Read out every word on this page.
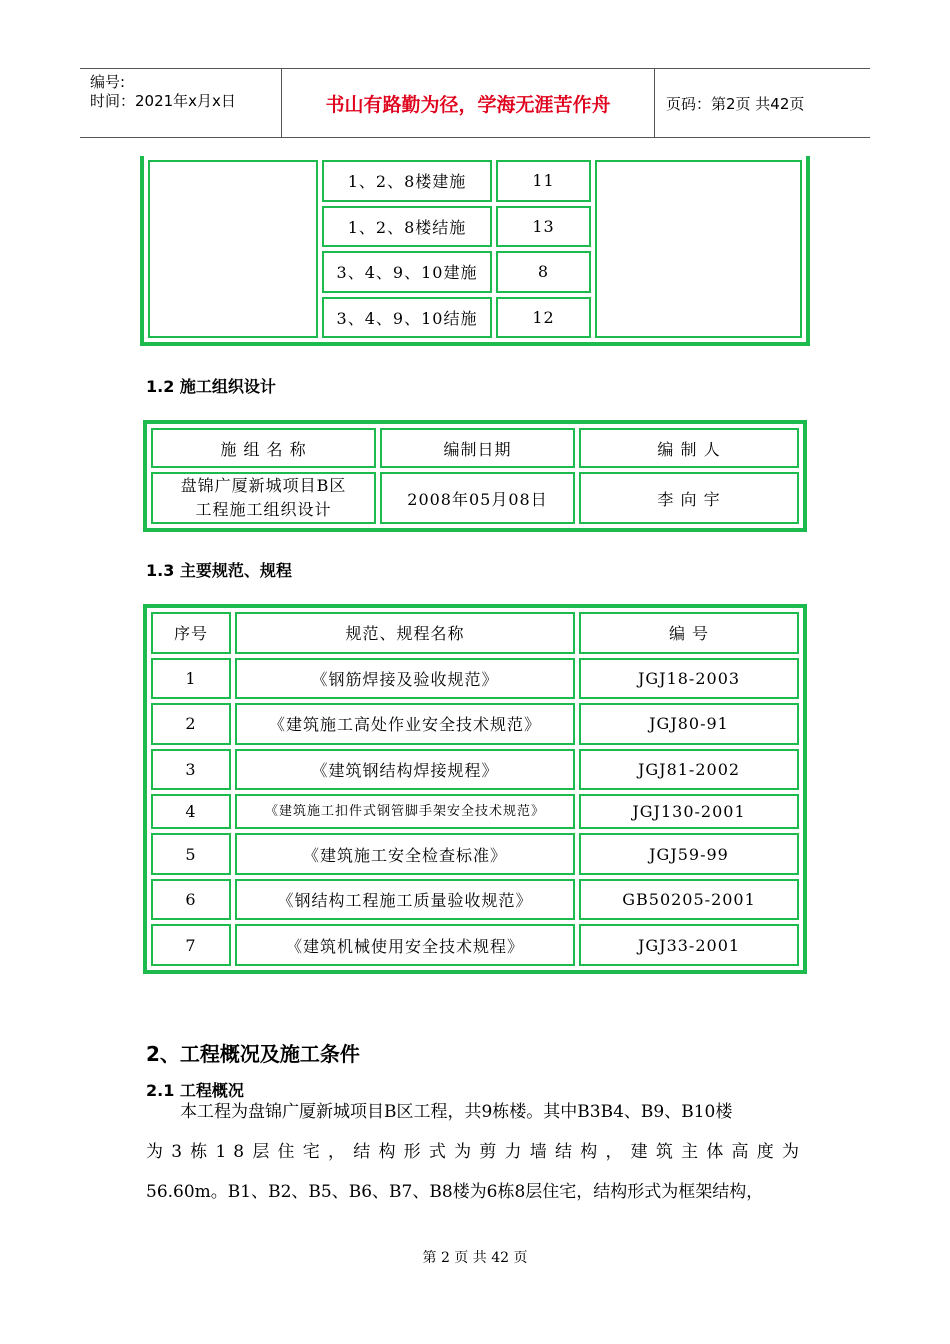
编号:
时间：2021年x月x日	书山有路勤为径，学海无涯苦作舟	页码：第2页 共42页
	1、2、8楼建施	11	
	1、2、8楼结施	13	
	3、4、9、10建施	8	
	3、4、9、10结施	12	
1.2 施工组织设计
施 组 名 称	编制日期	编 制 人

盘锦广厦新城项目B区
工程施工组织设计	2008年05月08日	李 向 宇
1.3 主要规范、规程
序号	规范、规程名称	编 号
1	《钢筋焊接及验收规范》	JGJ18-2003
2	《建筑施工高处作业安全技术规范》	JGJ80-91
3	《建筑钢结构焊接规程》	JGJ81-2002
4	《建筑施工扣件式钢管脚手架安全技术规范》	JGJ130-2001
5	《建筑施工安全检查标准》	JGJ59-99
6	《钢结构工程施工质量验收规范》	GB50205-2001
7	《建筑机械使用安全技术规程》	JGJ33-2001
2、工程概况及施工条件
2.1 工程概况
本工程为盘锦广厦新城项目B区工程，共9栋楼。其中B3B4、B9、B10楼
为3栋18层住宅，结构形式为剪力墙结构，建筑主体高度为
56.60m。B1、B2、B5、B6、B7、B8楼为6栋8层住宅，结构形式为框架结构，
第 2 页 共 42 页
